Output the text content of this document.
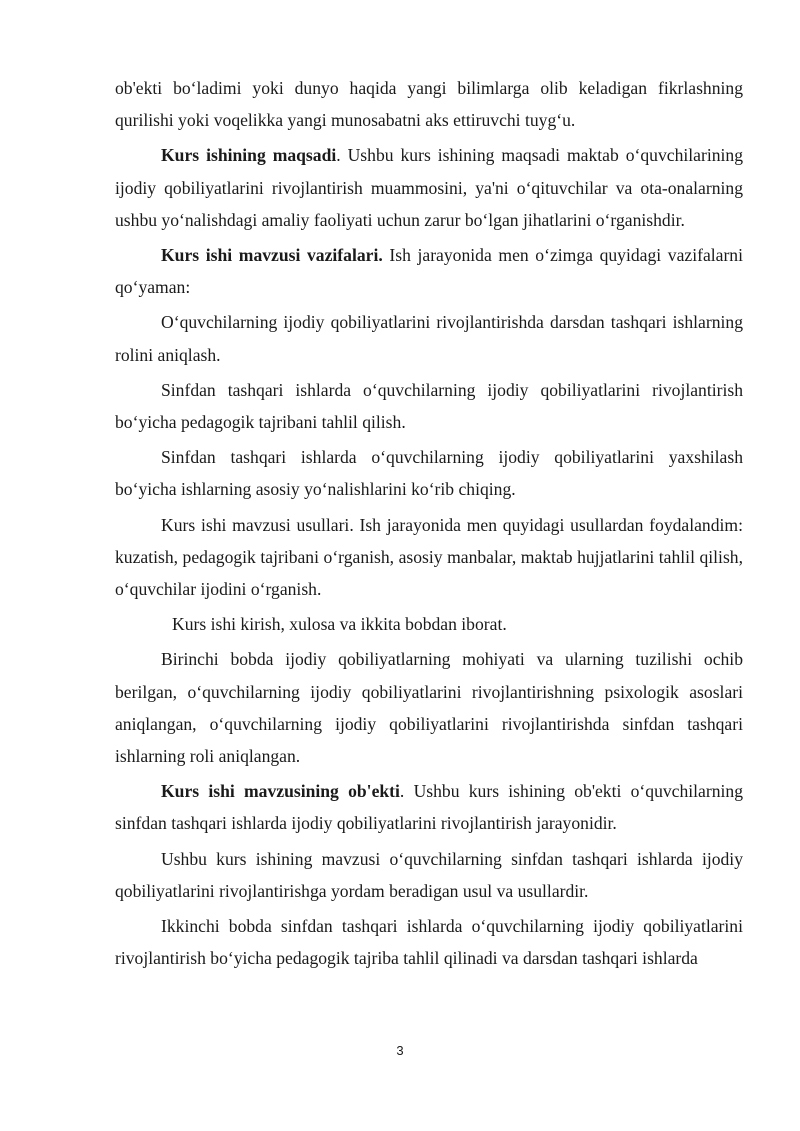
ob'ekti bo‘ladimi yoki dunyo haqida yangi bilimlarga olib keladigan fikrlashning qurilishi yoki voqelikka yangi munosabatni aks ettiruvchi tuyg‘u.

Kurs ishining maqsadi. Ushbu kurs ishining maqsadi maktab o‘quvchilarining ijodiy qobiliyatlarini rivojlantirish muammosini, ya'ni o‘qituvchilar va ota-onalarning ushbu yo‘nalishdagi amaliy faoliyati uchun zarur bo‘lgan jihatlarini o‘rganishdir.

Kurs ishi mavzusi vazifalari. Ish jarayonida men o‘zimga quyidagi vazifalarni qo‘yaman:

O‘quvchilarning ijodiy qobiliyatlarini rivojlantirishda darsdan tashqari ishlarning rolini aniqlash.

Sinfdan tashqari ishlarda o‘quvchilarning ijodiy qobiliyatlarini rivojlantirish bo‘yicha pedagogik tajribani tahlil qilish.

Sinfdan tashqari ishlarda o‘quvchilarning ijodiy qobiliyatlarini yaxshilash bo‘yicha ishlarning asosiy yo‘nalishlarini ko‘rib chiqing.

Kurs ishi mavzusi usullari. Ish jarayonida men quyidagi usullardan foydalandim: kuzatish, pedagogik tajribani o‘rganish, asosiy manbalar, maktab hujjatlarini tahlil qilish, o‘quvchilar ijodini o‘rganish.

Kurs ishi kirish, xulosa va ikkita bobdan iborat.

Birinchi bobda ijodiy qobiliyatlarning mohiyati va ularning tuzilishi ochib berilgan, o‘quvchilarning ijodiy qobiliyatlarini rivojlantirishning psixologik asoslari aniqlangan, o‘quvchilarning ijodiy qobiliyatlarini rivojlantirishda sinfdan tashqari ishlarning roli aniqlangan.

Kurs ishi mavzusining ob'ekti. Ushbu kurs ishining ob'ekti o‘quvchilarning sinfdan tashqari ishlarda ijodiy qobiliyatlarini rivojlantirish jarayonidir.

Ushbu kurs ishining mavzusi o‘quvchilarning sinfdan tashqari ishlarda ijodiy qobiliyatlarini rivojlantirishga yordam beradigan usul va usullardir.

Ikkinchi bobda sinfdan tashqari ishlarda o‘quvchilarning ijodiy qobiliyatlarini rivojlantirish bo‘yicha pedagogik tajriba tahlil qilinadi va darsdan tashqari ishlarda

3
